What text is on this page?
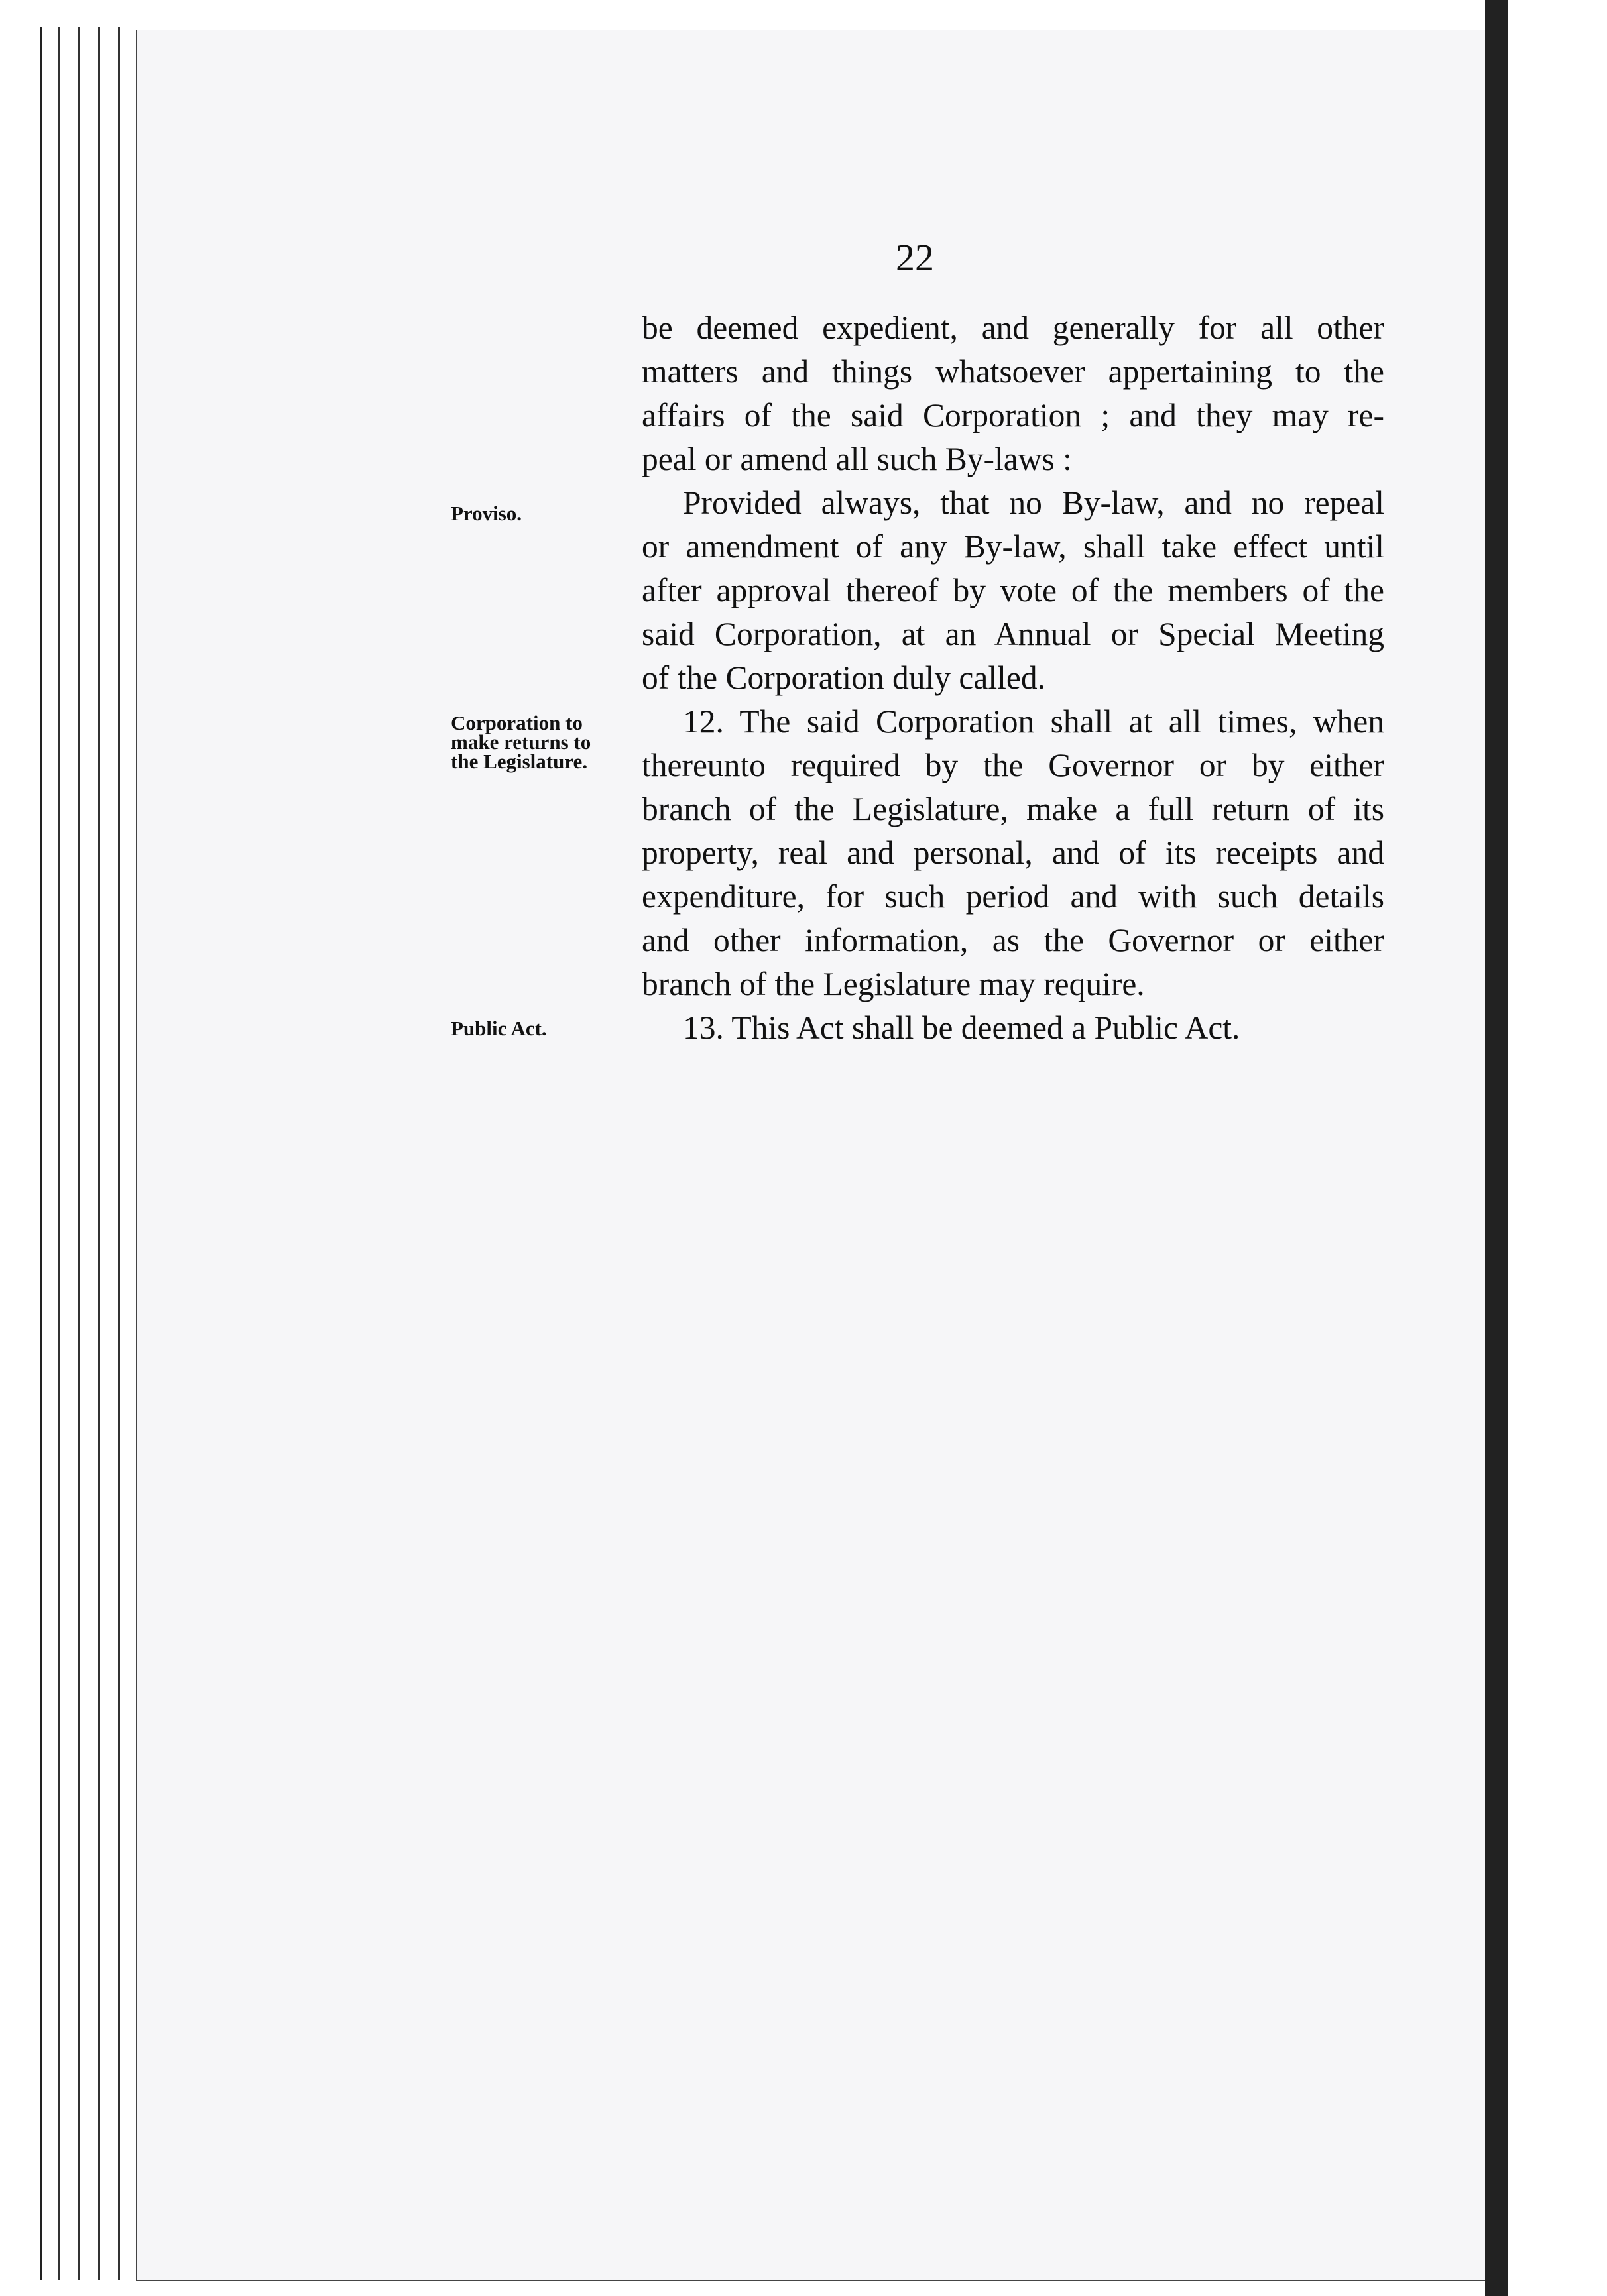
22
Proviso.
Corporation to
make returns to
the Legislature.
Public Act.
be deemed expedient, and generally for all other
matters and things whatsoever appertaining to the
affairs of the said Corporation ; and they may re-
peal or amend all such By-laws :
Provided always, that no By-law, and no repeal
or amendment of any By-law, shall take effect until
after approval thereof by vote of the members of the
said Corporation, at an Annual or Special Meeting
of the Corporation duly called.
12. The said Corporation shall at all times, when
thereunto required by the Governor or by either
branch of the Legislature, make a full return of its
property, real and personal, and of its receipts and
expenditure, for such period and with such details
and other information, as the Governor or either
branch of the Legislature may require.
13. This Act shall be deemed a Public Act.
